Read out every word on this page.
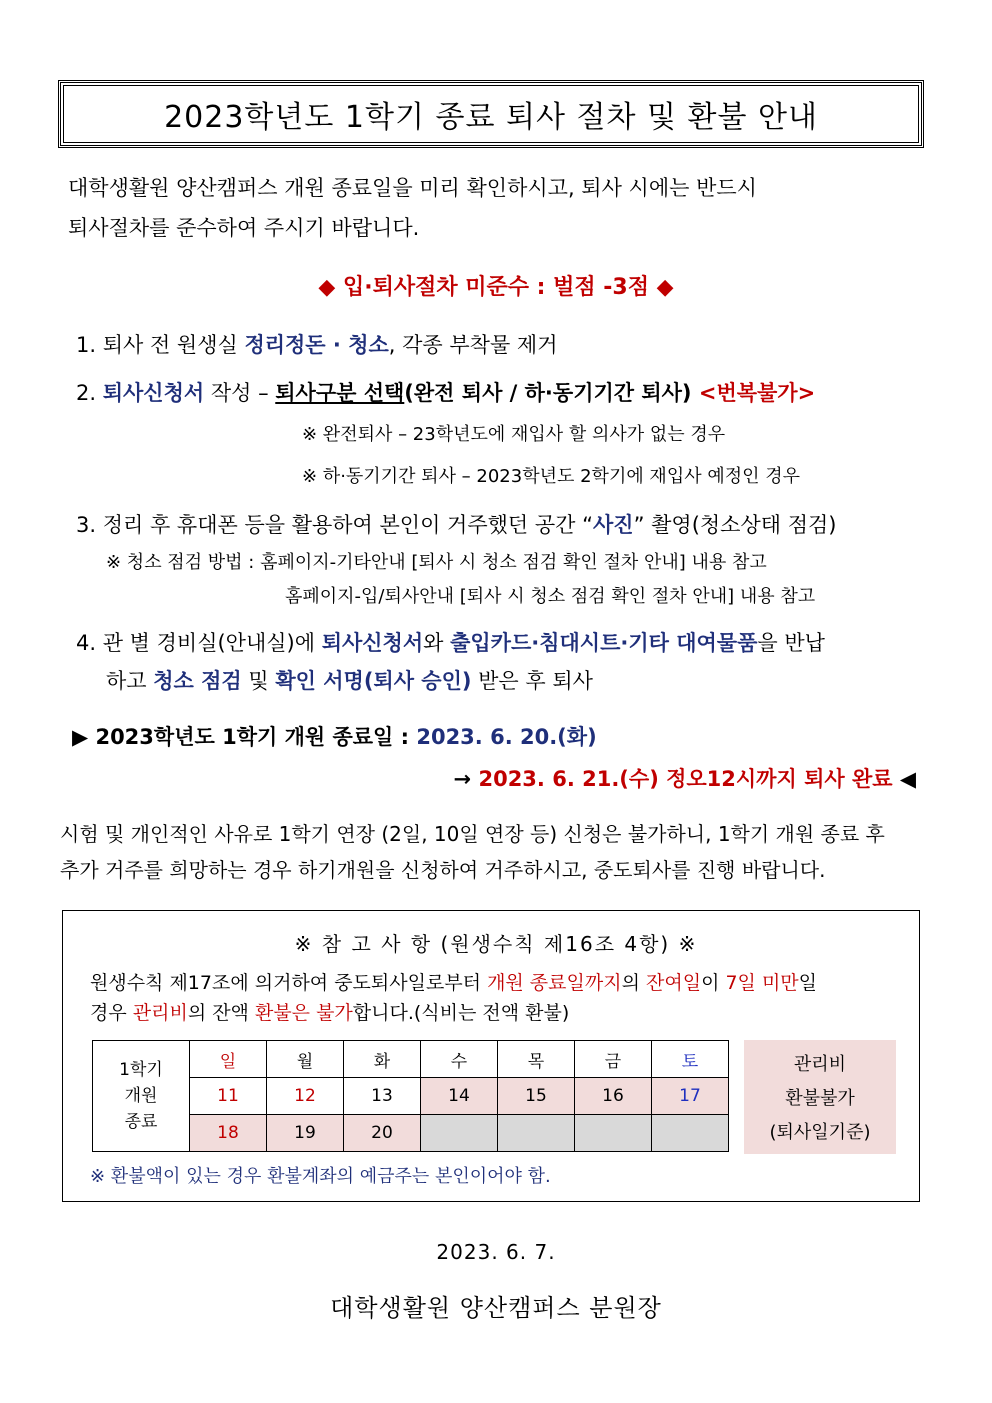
2023학년도 1학기 종료 퇴사 절차 및 환불 안내
대학생활원 양산캠퍼스 개원 종료일을 미리 확인하시고, 퇴사 시에는 반드시
퇴사절차를 준수하여 주시기 바랍니다.
◆ 입·퇴사절차 미준수 : 벌점 -3점 ◆
1. 퇴사 전 원생실 정리정돈 · 청소, 각종 부착물 제거
2. 퇴사신청서 작성 – 퇴사구분 선택(완전 퇴사 / 하·동기기간 퇴사) <번복불가>
※ 완전퇴사 – 23학년도에 재입사 할 의사가 없는 경우
※ 하·동기기간 퇴사 – 2023학년도 2학기에 재입사 예정인 경우
3. 정리 후 휴대폰 등을 활용하여 본인이 거주했던 공간 “사진” 촬영(청소상태 점검)
※ 청소 점검 방법 : 홈페이지-기타안내 [퇴사 시 청소 점검 확인 절차 안내] 내용 참고
홈페이지-입/퇴사안내 [퇴사 시 청소 점검 확인 절차 안내] 내용 참고
4. 관 별 경비실(안내실)에 퇴사신청서와 출입카드·침대시트·기타 대여물품을 반납
하고 청소 점검 및 확인 서명(퇴사 승인) 받은 후 퇴사
▶ 2023학년도 1학기 개원 종료일 : 2023. 6. 20.(화)
→ 2023. 6. 21.(수) 정오12시까지 퇴사 완료 ◀
시험 및 개인적인 사유로 1학기 연장 (2일, 10일 연장 등) 신청은 불가하니, 1학기 개원 종료 후
추가 거주를 희망하는 경우 하기개원을 신청하여 거주하시고, 중도퇴사를 진행 바랍니다.
※ 참 고 사 항 (원생수칙 제16조 4항) ※
원생수칙 제17조에 의거하여 중도퇴사일로부터 개원 종료일까지의 잔여일이 7일 미만일
경우 관리비의 잔액 환불은 불가합니다.(식비는 전액 환불)
1학기
개원
종료	일	월	화	수	목	금	토
	11	12	13	14	15	16	17
	18	19	20				
관리비
환불불가
(퇴사일기준)
※ 환불액이 있는 경우 환불계좌의 예금주는 본인이어야 함.
2023. 6. 7.
대학생활원 양산캠퍼스 분원장
